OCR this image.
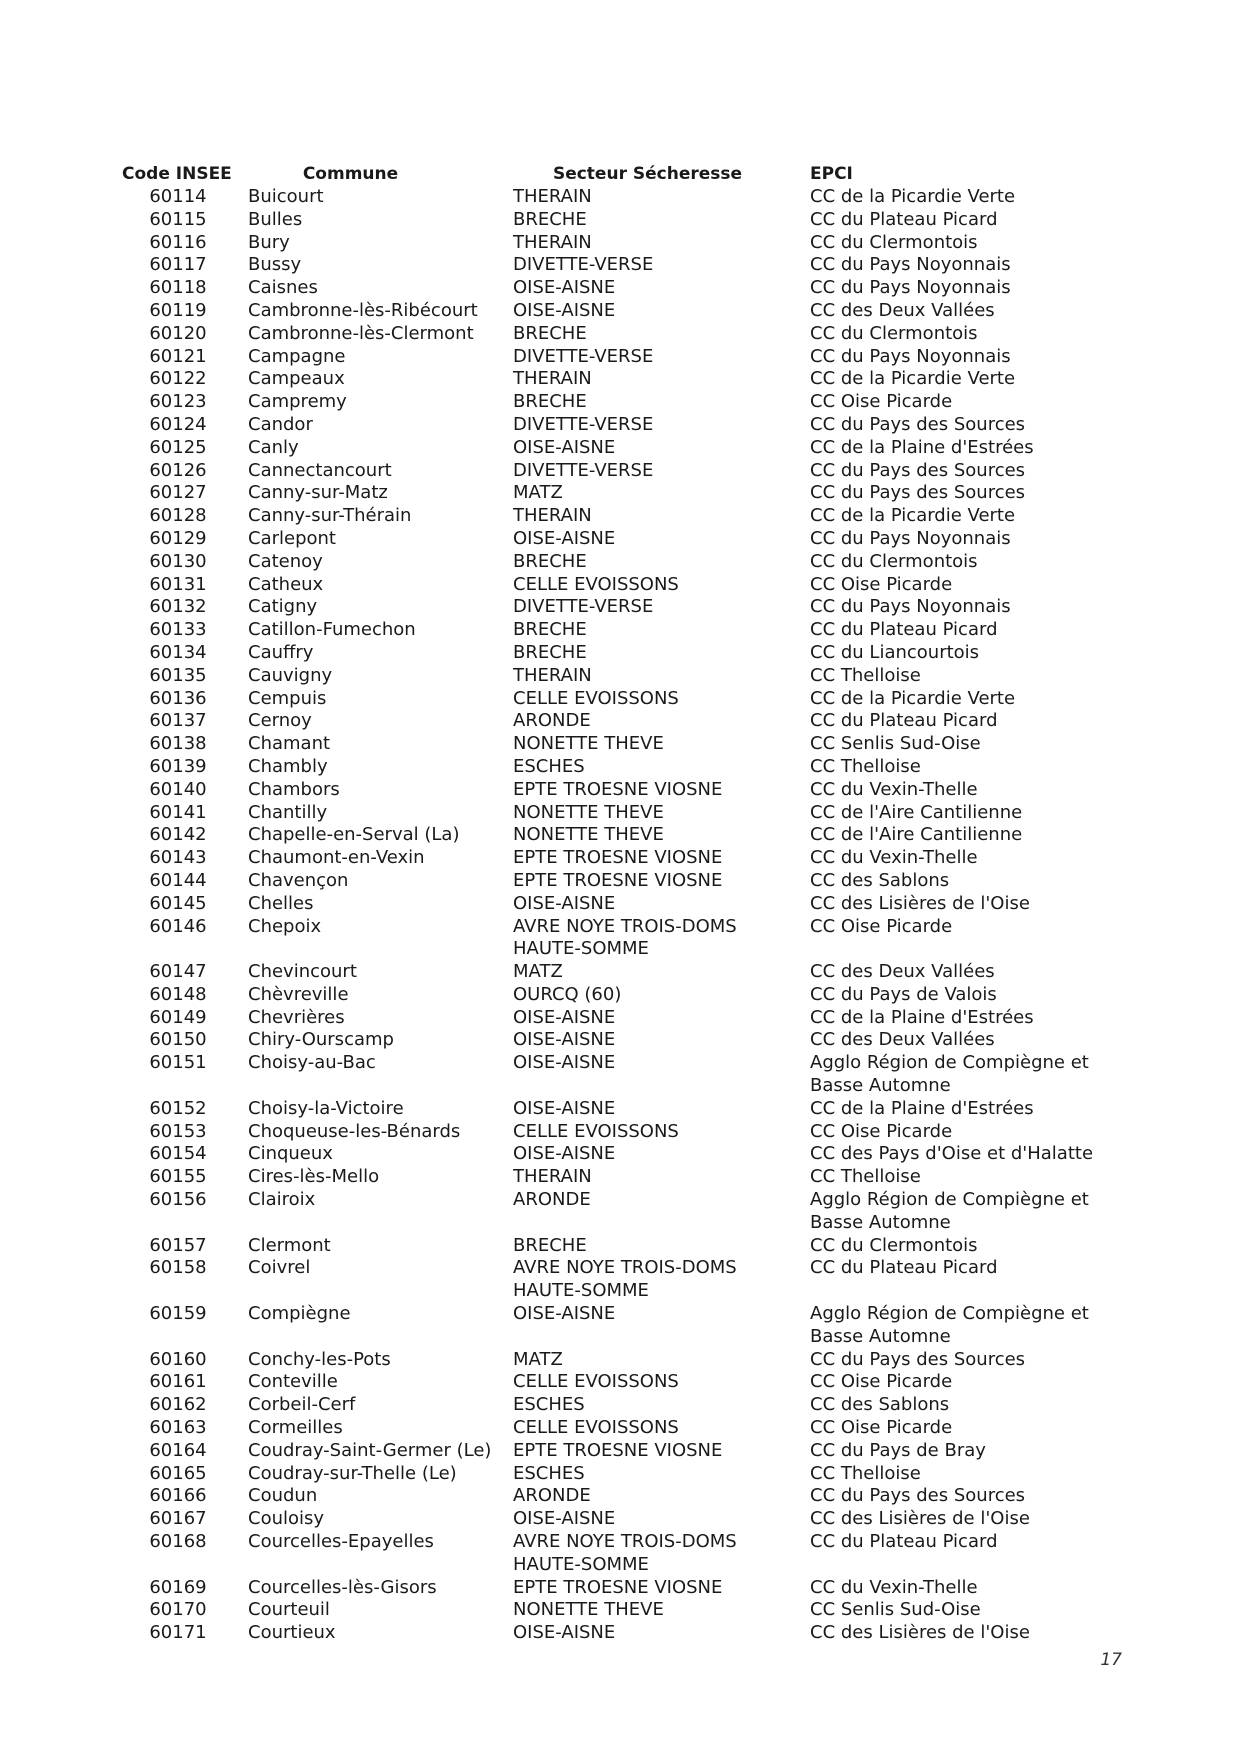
Code INSEE	Commune	Secteur Sécheresse	EPCI
60114	Buicourt	THERAIN	CC de la Picardie Verte

60115	Bulles	BRECHE	CC du Plateau Picard

60116	Bury	THERAIN	CC du Clermontois

60117	Bussy	DIVETTE-VERSE	CC du Pays Noyonnais

60118	Caisnes	OISE-AISNE	CC du Pays Noyonnais

60119	Cambronne-lès-Ribécourt	OISE-AISNE	CC des Deux Vallées

60120	Cambronne-lès-Clermont	BRECHE	CC du Clermontois

60121	Campagne	DIVETTE-VERSE	CC du Pays Noyonnais

60122	Campeaux	THERAIN	CC de la Picardie Verte

60123	Campremy	BRECHE	CC Oise Picarde

60124	Candor	DIVETTE-VERSE	CC du Pays des Sources

60125	Canly	OISE-AISNE	CC de la Plaine d'Estrées

60126	Cannectancourt	DIVETTE-VERSE	CC du Pays des Sources

60127	Canny-sur-Matz	MATZ	CC du Pays des Sources

60128	Canny-sur-Thérain	THERAIN	CC de la Picardie Verte

60129	Carlepont	OISE-AISNE	CC du Pays Noyonnais

60130	Catenoy	BRECHE	CC du Clermontois

60131	Catheux	CELLE EVOISSONS	CC Oise Picarde

60132	Catigny	DIVETTE-VERSE	CC du Pays Noyonnais

60133	Catillon-Fumechon	BRECHE	CC du Plateau Picard

60134	Cauffry	BRECHE	CC du Liancourtois

60135	Cauvigny	THERAIN	CC Thelloise

60136	Cempuis	CELLE EVOISSONS	CC de la Picardie Verte

60137	Cernoy	ARONDE	CC du Plateau Picard

60138	Chamant	NONETTE THEVE	CC Senlis Sud-Oise

60139	Chambly	ESCHES	CC Thelloise

60140	Chambors	EPTE TROESNE VIOSNE	CC du Vexin-Thelle

60141	Chantilly	NONETTE THEVE	CC de l'Aire Cantilienne

60142	Chapelle-en-Serval (La)	NONETTE THEVE	CC de l'Aire Cantilienne

60143	Chaumont-en-Vexin	EPTE TROESNE VIOSNE	CC du Vexin-Thelle

60144	Chavençon	EPTE TROESNE VIOSNE	CC des Sablons

60145	Chelles	OISE-AISNE	CC des Lisières de l'Oise

60146	Chepoix	AVRE NOYE TROIS-DOMS
HAUTE-SOMME	CC Oise Picarde

60147	Chevincourt	MATZ	CC des Deux Vallées

60148	Chèvreville	OURCQ (60)	CC du Pays de Valois

60149	Chevrières	OISE-AISNE	CC de la Plaine d'Estrées

60150	Chiry-Ourscamp	OISE-AISNE	CC des Deux Vallées

60151	Choisy-au-Bac	OISE-AISNE	Agglo Région de Compiègne et
Basse Automne

60152	Choisy-la-Victoire	OISE-AISNE	CC de la Plaine d'Estrées

60153	Choqueuse-les-Bénards	CELLE EVOISSONS	CC Oise Picarde

60154	Cinqueux	OISE-AISNE	CC des Pays d'Oise et d'Halatte

60155	Cires-lès-Mello	THERAIN	CC Thelloise

60156	Clairoix	ARONDE	Agglo Région de Compiègne et
Basse Automne

60157	Clermont	BRECHE	CC du Clermontois

60158	Coivrel	AVRE NOYE TROIS-DOMS
HAUTE-SOMME	CC du Plateau Picard

60159	Compiègne	OISE-AISNE	Agglo Région de Compiègne et
Basse Automne

60160	Conchy-les-Pots	MATZ	CC du Pays des Sources

60161	Conteville	CELLE EVOISSONS	CC Oise Picarde

60162	Corbeil-Cerf	ESCHES	CC des Sablons

60163	Cormeilles	CELLE EVOISSONS	CC Oise Picarde

60164	Coudray-Saint-Germer (Le)	EPTE TROESNE VIOSNE	CC du Pays de Bray

60165	Coudray-sur-Thelle (Le)	ESCHES	CC Thelloise

60166	Coudun	ARONDE	CC du Pays des Sources

60167	Couloisy	OISE-AISNE	CC des Lisières de l'Oise

60168	Courcelles-Epayelles	AVRE NOYE TROIS-DOMS
HAUTE-SOMME	CC du Plateau Picard

60169	Courcelles-lès-Gisors	EPTE TROESNE VIOSNE	CC du Vexin-Thelle

60170	Courteuil	NONETTE THEVE	CC Senlis Sud-Oise

60171	Courtieux	OISE-AISNE	CC des Lisières de l'Oise
17
